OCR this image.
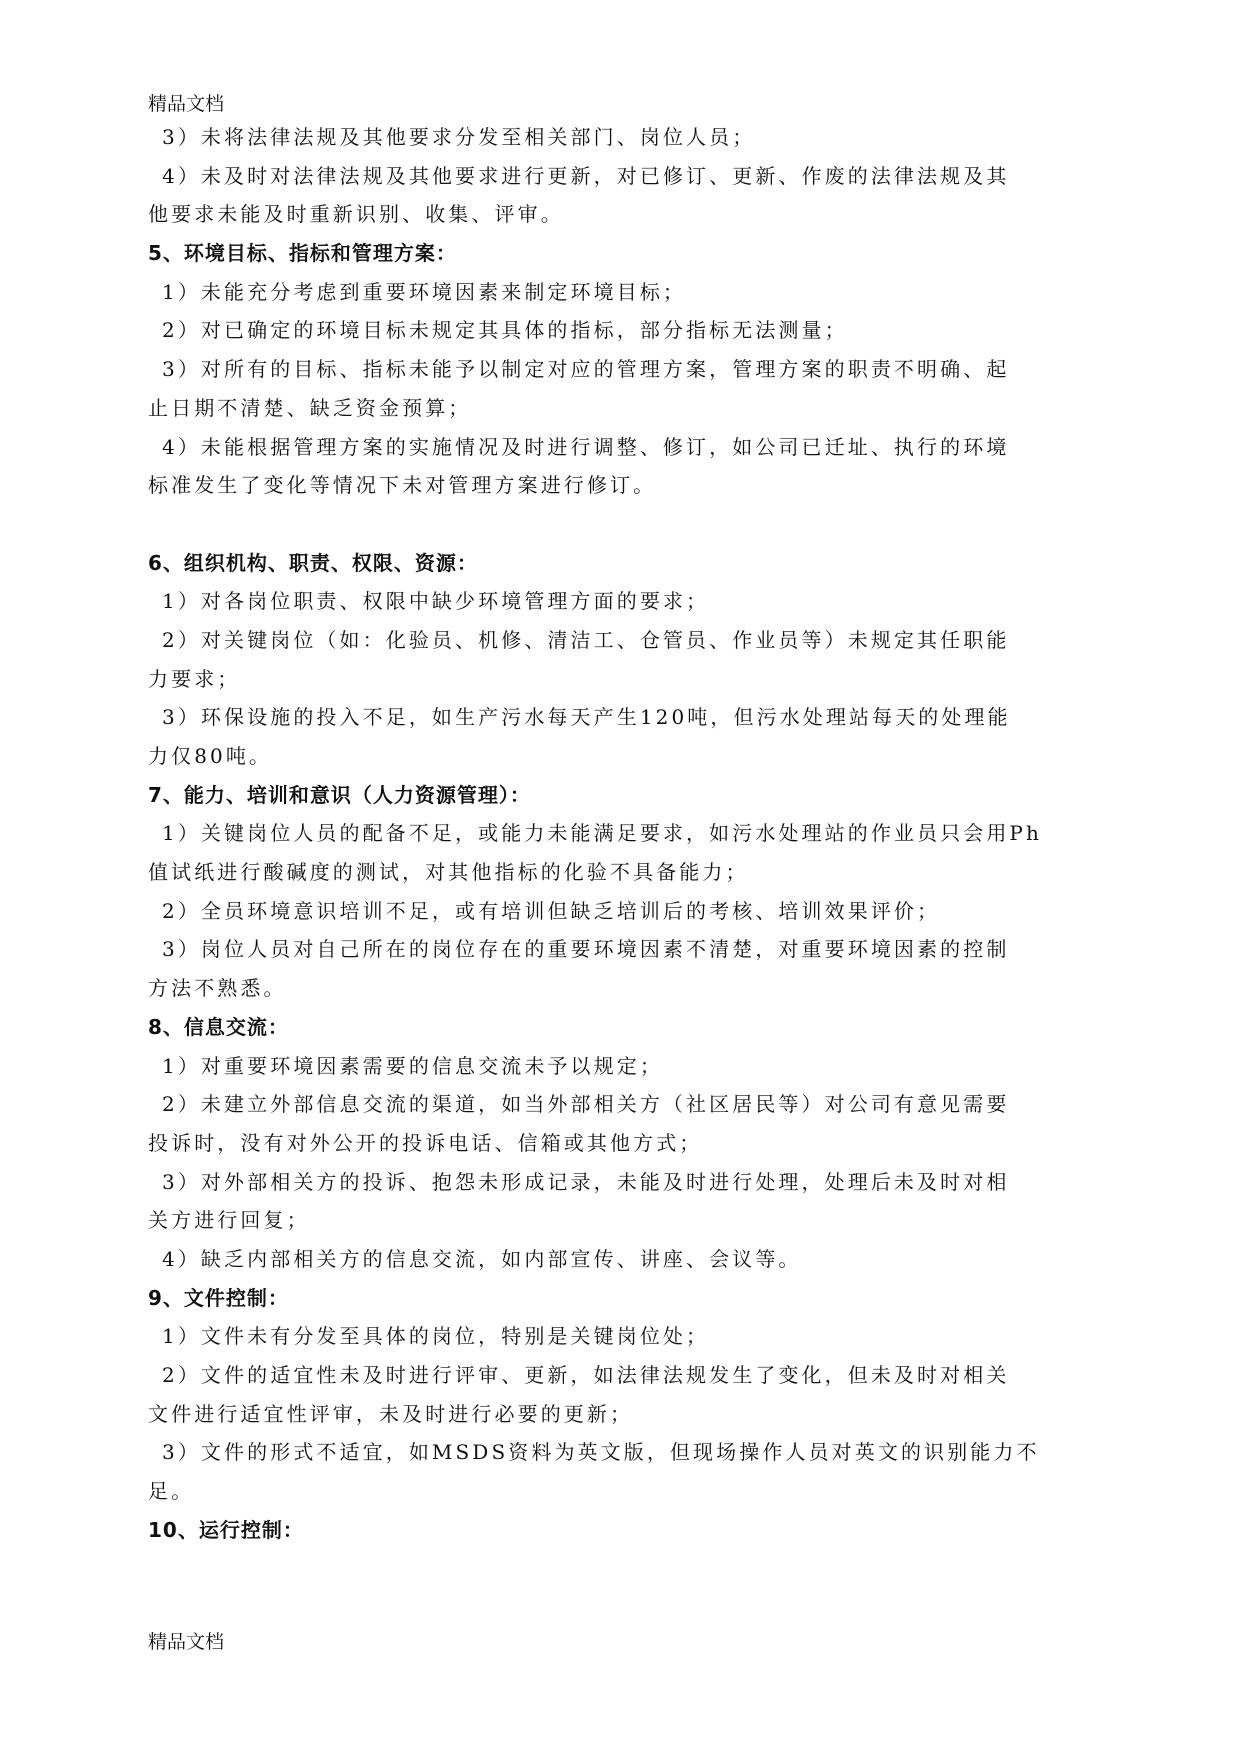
精品文档
3）未将法律法规及其他要求分发至相关部门、岗位人员；
4）未及时对法律法规及其他要求进行更新，对已修订、更新、作废的法律法规及其
他要求未能及时重新识别、收集、评审。
5、环境目标、指标和管理方案：
1）未能充分考虑到重要环境因素来制定环境目标；
2）对已确定的环境目标未规定其具体的指标，部分指标无法测量；
3）对所有的目标、指标未能予以制定对应的管理方案，管理方案的职责不明确、起
止日期不清楚、缺乏资金预算；
4）未能根据管理方案的实施情况及时进行调整、修订，如公司已迁址、执行的环境
标准发生了变化等情况下未对管理方案进行修订。
6、组织机构、职责、权限、资源：
1）对各岗位职责、权限中缺少环境管理方面的要求；
2）对关键岗位（如：化验员、机修、清洁工、仓管员、作业员等）未规定其任职能
力要求；
3）环保设施的投入不足，如生产污水每天产生120吨，但污水处理站每天的处理能
力仅80吨。
7、能力、培训和意识（人力资源管理）：
1）关键岗位人员的配备不足，或能力未能满足要求，如污水处理站的作业员只会用Ph
值试纸进行酸碱度的测试，对其他指标的化验不具备能力；
2）全员环境意识培训不足，或有培训但缺乏培训后的考核、培训效果评价；
3）岗位人员对自己所在的岗位存在的重要环境因素不清楚，对重要环境因素的控制
方法不熟悉。
8、信息交流：
1）对重要环境因素需要的信息交流未予以规定；
2）未建立外部信息交流的渠道，如当外部相关方（社区居民等）对公司有意见需要
投诉时，没有对外公开的投诉电话、信箱或其他方式；
3）对外部相关方的投诉、抱怨未形成记录，未能及时进行处理，处理后未及时对相
关方进行回复；
4）缺乏内部相关方的信息交流，如内部宣传、讲座、会议等。
9、文件控制：
1）文件未有分发至具体的岗位，特别是关键岗位处；
2）文件的适宜性未及时进行评审、更新，如法律法规发生了变化，但未及时对相关
文件进行适宜性评审，未及时进行必要的更新；
3）文件的形式不适宜，如MSDS资料为英文版，但现场操作人员对英文的识别能力不
足。
10、运行控制：
精品文档
